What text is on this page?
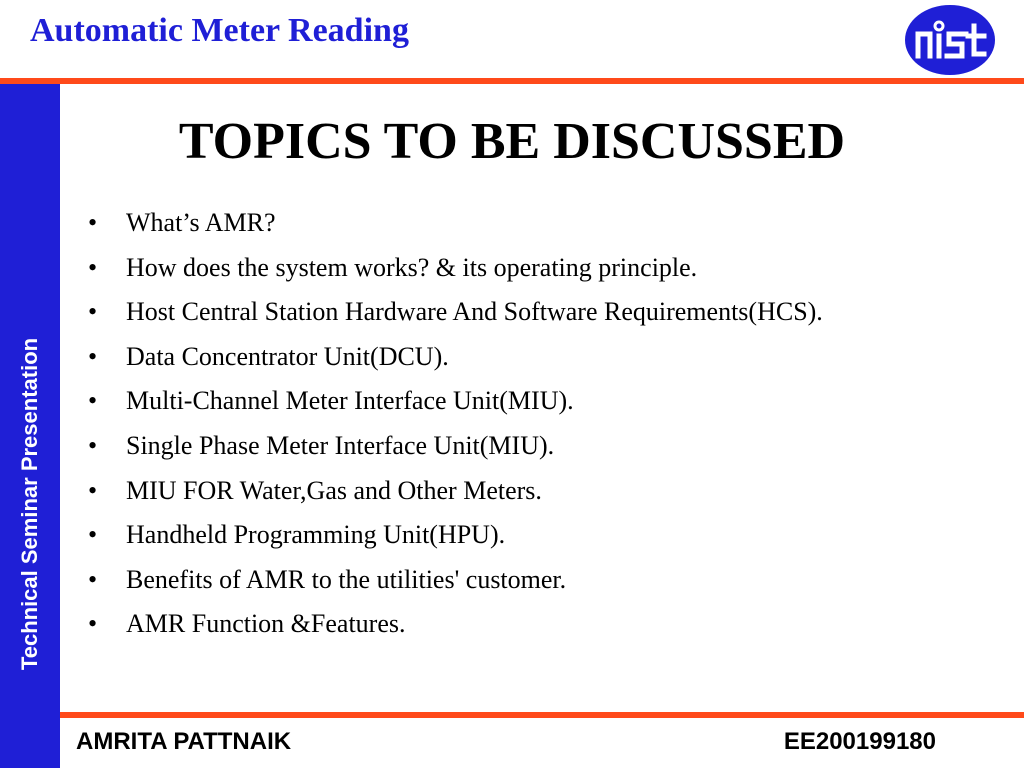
Automatic Meter Reading
Technical Seminar Presentation
TOPICS TO BE DISCUSSED
• What’s AMR?
• How does the system works? & its operating principle.
• Host Central Station Hardware And Software Requirements(HCS).
• Data Concentrator Unit(DCU).
• Multi-Channel Meter Interface Unit(MIU).
• Single Phase Meter Interface Unit(MIU).
• MIU FOR Water,Gas and Other Meters.
• Handheld Programming Unit(HPU).
• Benefits of AMR to the utilities' customer.
• AMR Function &Features.
AMRITA PATTNAIK	EE200199180
